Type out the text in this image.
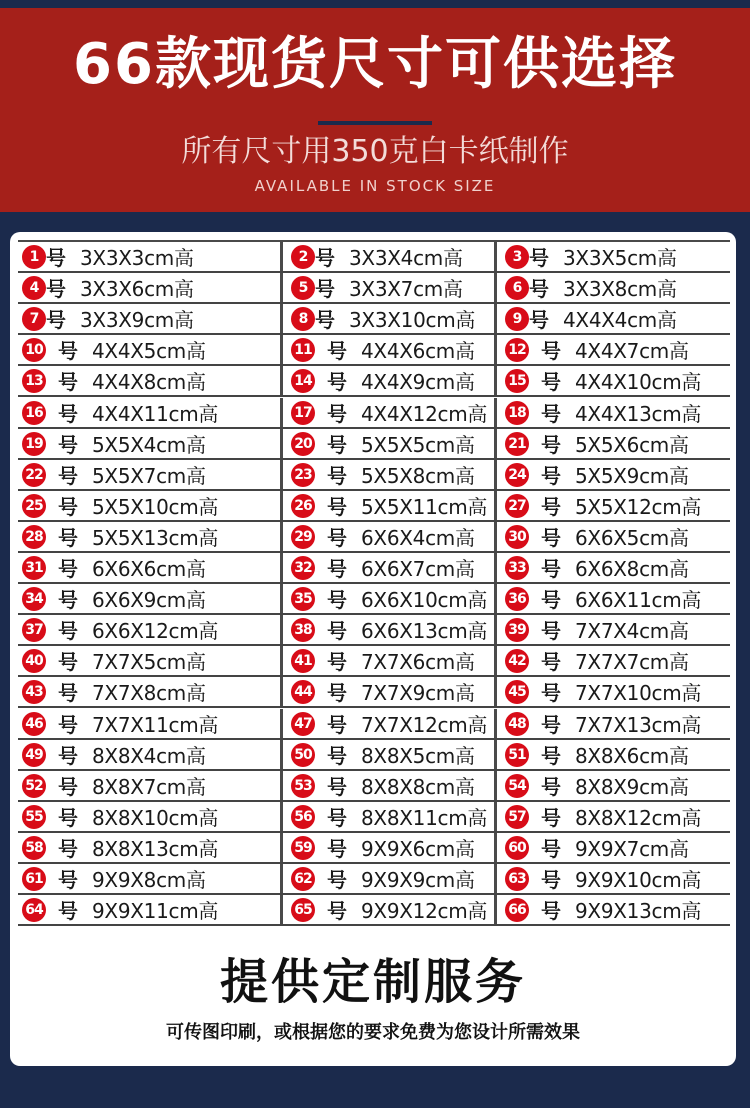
66款现货尺寸可供选择
所有尺寸用350克白卡纸制作
AVAILABLE IN STOCK SIZE
1 号 3X3X3cm高	2 号 3X3X4cm高	3 号 3X3X5cm高
4 号 3X3X6cm高	5 号 3X3X7cm高	6 号 3X3X8cm高
7 号 3X3X9cm高	8 号 3X3X10cm高	9 号 4X4X4cm高
10 号 4X4X5cm高	11 号 4X4X6cm高 12 号 4X4X7cm高
13 号 4X4X8cm高	14 号 4X4X9cm高 15 号 4X4X10cm高
16 号 4X4X11cm高	17 号 4X4X12cm高 18 号 4X4X13cm高
19 号 5X5X4cm高	20 号 5X5X5cm高 21 号 5X5X6cm高
22 号 5X5X7cm高	23 号 5X5X8cm高 24 号 5X5X9cm高
25 号 5X5X10cm高	26 号 5X5X11cm高 27 号 5X5X12cm高
28 号 5X5X13cm高	29 号 6X6X4cm高 30 号 6X6X5cm高
31 号 6X6X6cm高	32 号 6X6X7cm高 33 号 6X6X8cm高
34 号 6X6X9cm高	35 号 6X6X10cm高 36 号 6X6X11cm高
37 号 6X6X12cm高	38 号 6X6X13cm高 39 号 7X7X4cm高
40 号 7X7X5cm高	41 号 7X7X6cm高 42 号 7X7X7cm高
43 号 7X7X8cm高	44 号 7X7X9cm高 45 号 7X7X10cm高
46 号 7X7X11cm高	47 号 7X7X12cm高 48 号 7X7X13cm高
49 号 8X8X4cm高	50 号 8X8X5cm高 51 号 8X8X6cm高
52 号 8X8X7cm高	53 号 8X8X8cm高 54 号 8X8X9cm高
55 号 8X8X10cm高	56 号 8X8X11cm高 57 号 8X8X12cm高
58 号 8X8X13cm高	59 号 9X9X6cm高 60 号 9X9X7cm高
61 号 9X9X8cm高	62 号 9X9X9cm高 63 号 9X9X10cm高
64 号 9X9X11cm高	65 号 9X9X12cm高 66 号 9X9X13cm高
提供定制服务
可传图印刷，或根据您的要求免费为您设计所需效果
